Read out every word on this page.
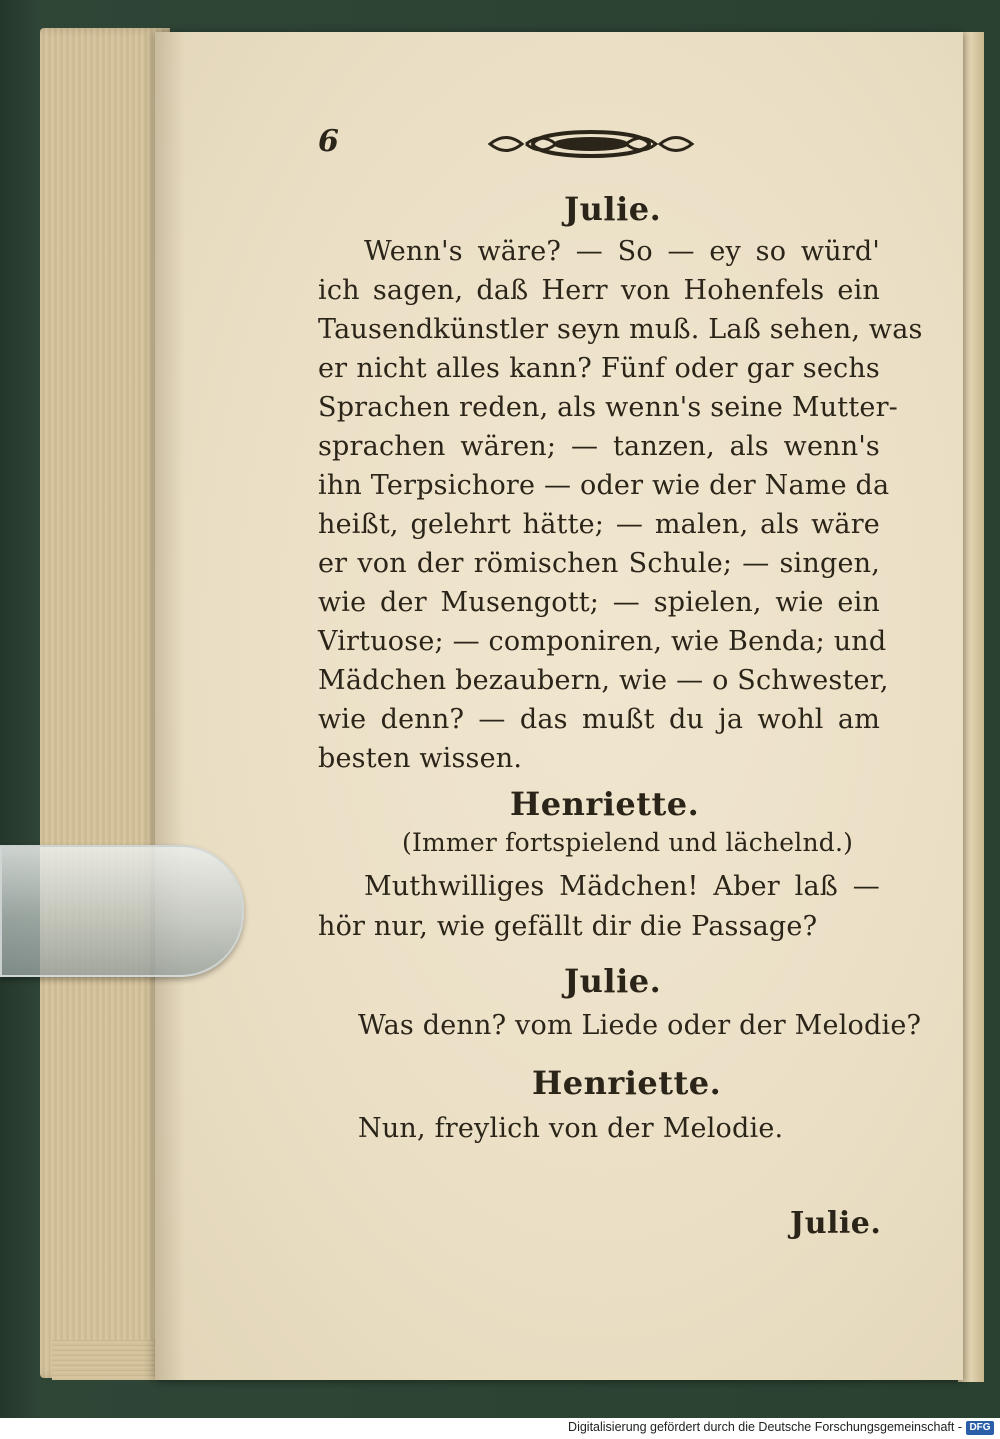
6
Julie.
Wenn's wäre? — So — ey so würd'
ich sagen, daß Herr von Hohenfels ein
Tausendkünstler seyn muß. Laß sehen, was
er nicht alles kann? Fünf oder gar sechs
Sprachen reden, als wenn's seine Mutter-
sprachen wären; — tanzen, als wenn's
ihn Terpsichore — oder wie der Name da
heißt, gelehrt hätte; — malen, als wäre
er von der römischen Schule; — singen,
wie der Musengott; — spielen, wie ein
Virtuose; — componiren, wie Benda; und
Mädchen bezaubern, wie — o Schwester,
wie denn? — das mußt du ja wohl am
besten wissen.
Henriette.
(Immer fortspielend und lächelnd.)
Muthwilliges Mädchen! Aber laß —
hör nur, wie gefällt dir die Passage?
Julie.
Was denn? vom Liede oder der Melodie?
Henriette.
Nun, freylich von der Melodie.
Julie.
Digitalisierung gefördert durch die Deutsche Forschungsgemeinschaft - DFG
